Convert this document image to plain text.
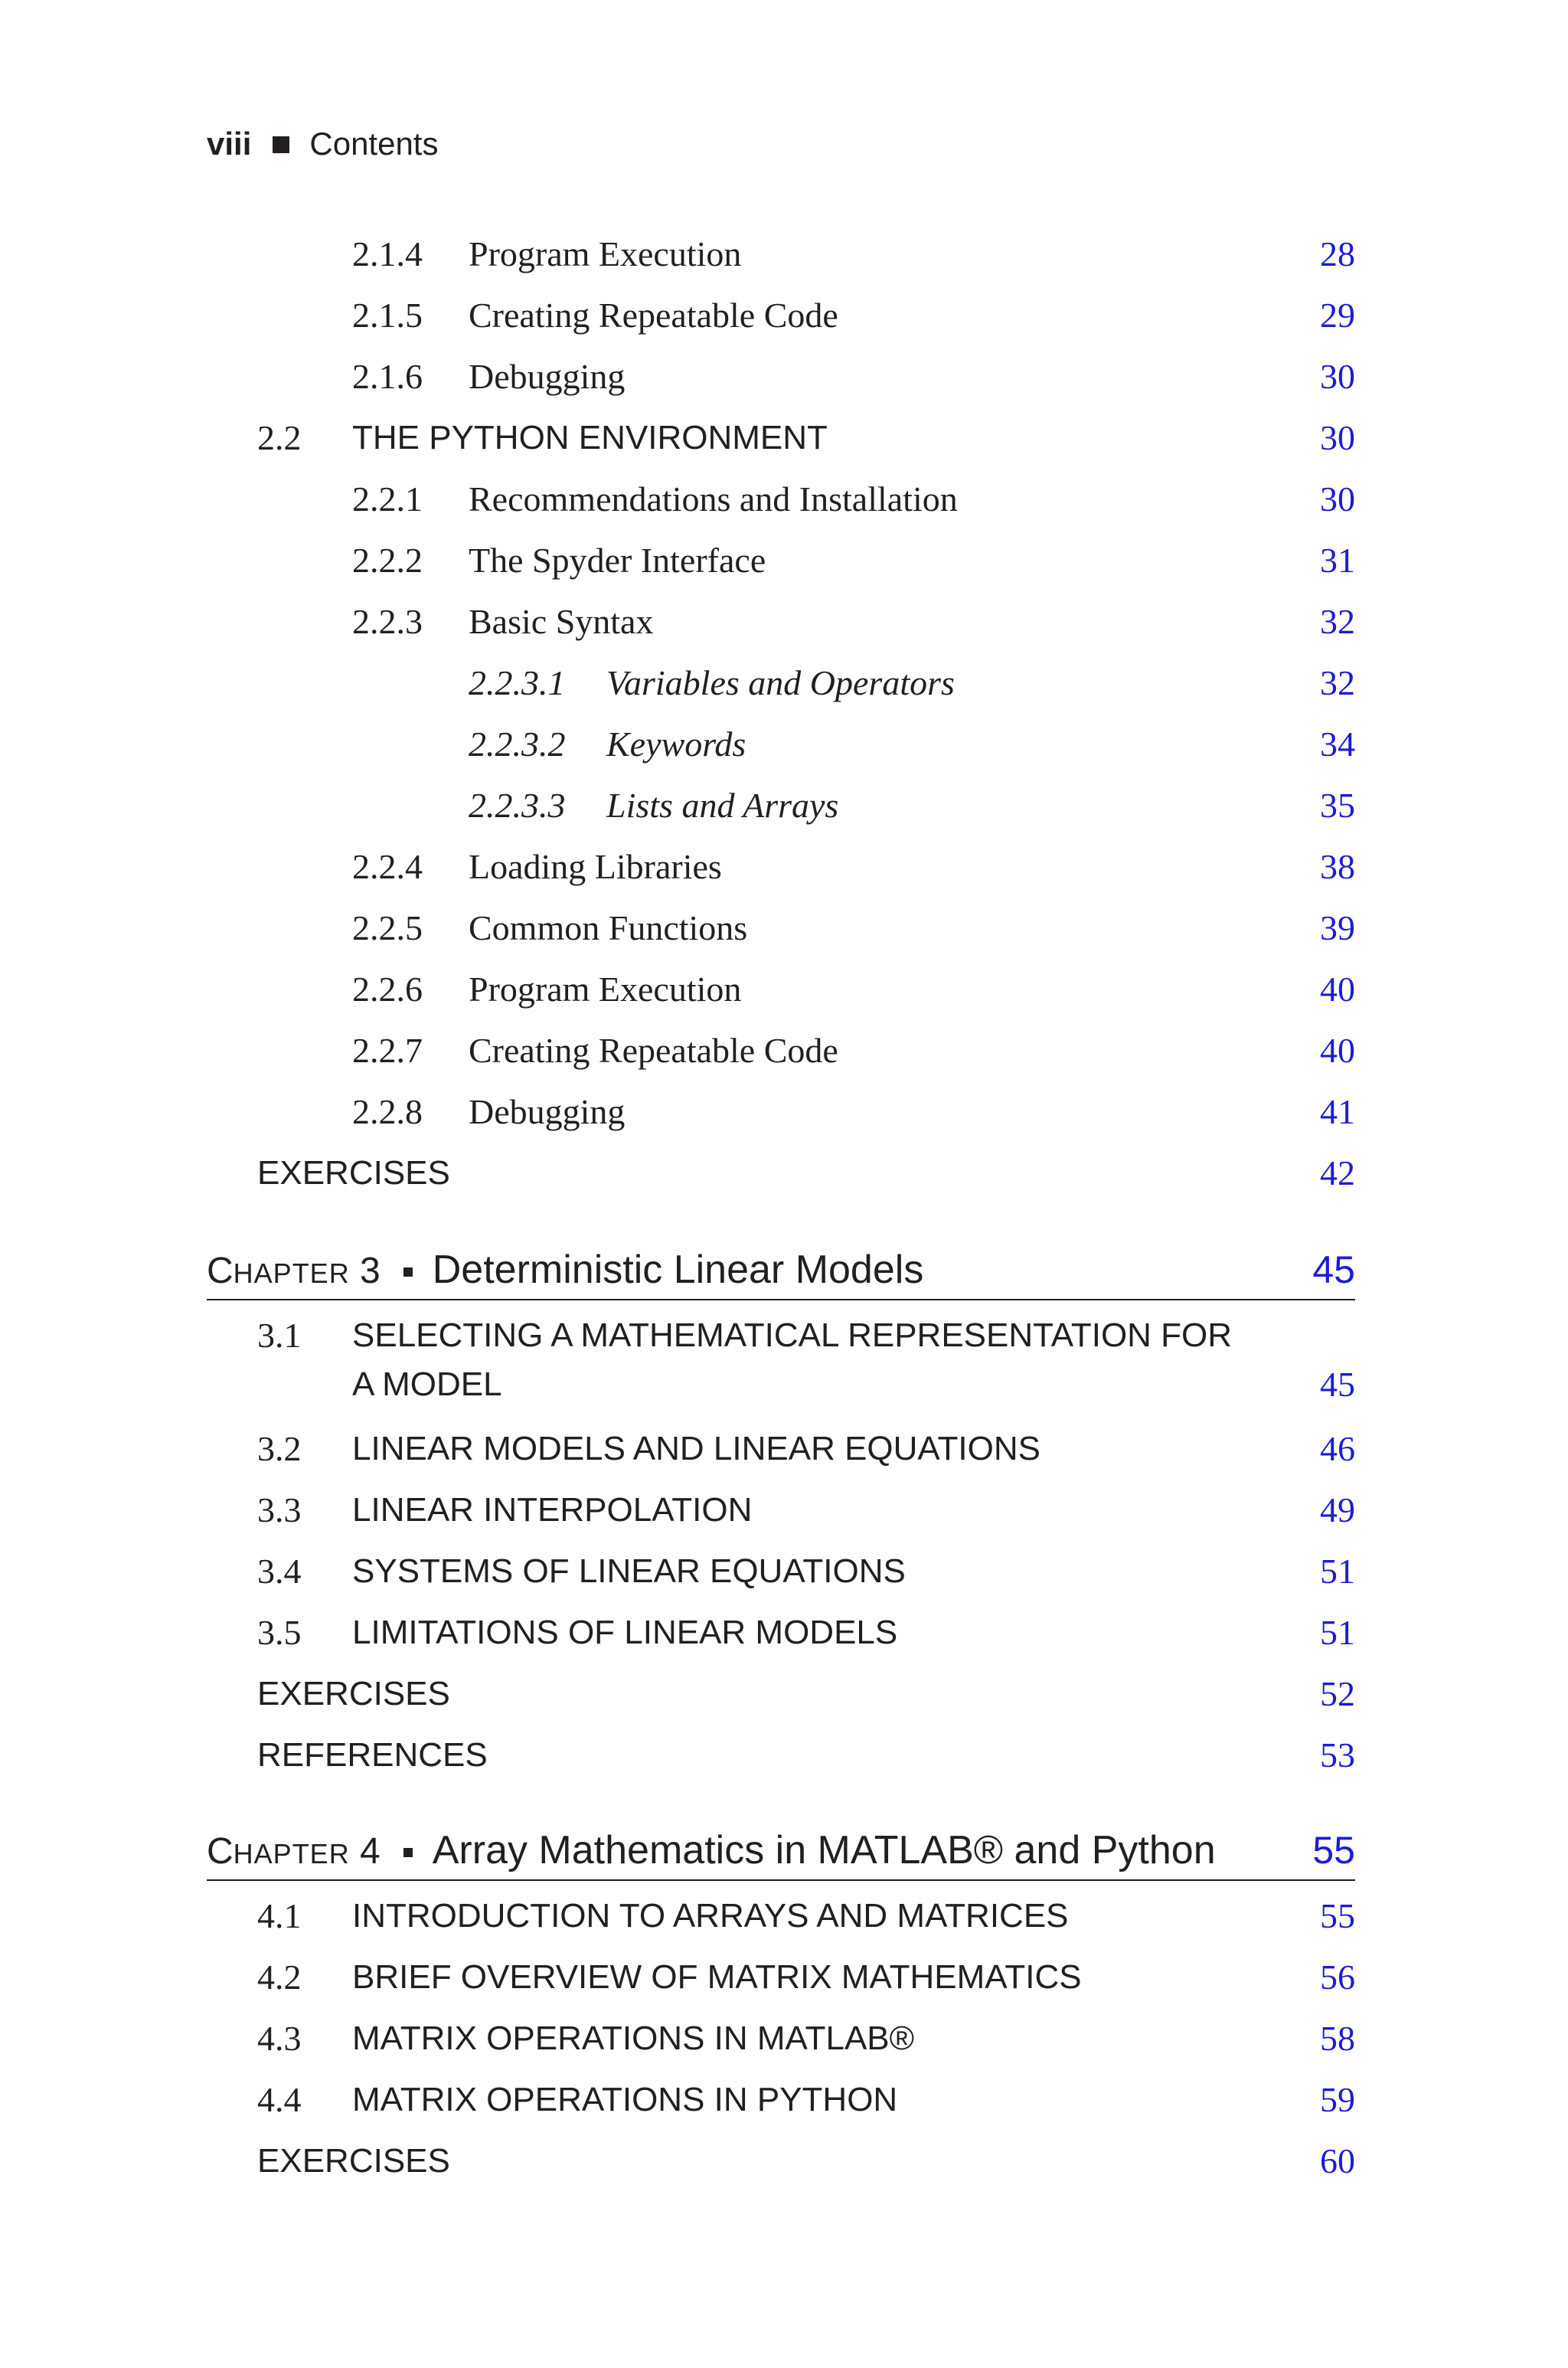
viii Contents
2.1.4 Program Execution	28
2.1.5 Creating Repeatable Code	29
2.1.6 Debugging	30
2.2 THE PYTHON ENVIRONMENT	30
2.2.1 Recommendations and Installation	30
2.2.2 The Spyder Interface	31
2.2.3 Basic Syntax	32
2.2.3.1 Variables and Operators	32
2.2.3.2 Keywords	34
2.2.3.3 Lists and Arrays	35
2.2.4 Loading Libraries	38
2.2.5 Common Functions	39
2.2.6 Program Execution	40
2.2.7 Creating Repeatable Code	40
2.2.8 Debugging	41
EXERCISES	42
CHAPTER 3 Deterministic Linear Models	45
3.1 SELECTING A MATHEMATICAL REPRESENTATION FOR A MODEL	45
3.2 LINEAR MODELS AND LINEAR EQUATIONS	46
3.3 LINEAR INTERPOLATION	49
3.4 SYSTEMS OF LINEAR EQUATIONS	51
3.5 LIMITATIONS OF LINEAR MODELS	51
EXERCISES	52
REFERENCES	53
CHAPTER 4 Array Mathematics in MATLAB® and Python	55
4.1 INTRODUCTION TO ARRAYS AND MATRICES	55
4.2 BRIEF OVERVIEW OF MATRIX MATHEMATICS	56
4.3 MATRIX OPERATIONS IN MATLAB®	58
4.4 MATRIX OPERATIONS IN PYTHON	59
EXERCISES	60
